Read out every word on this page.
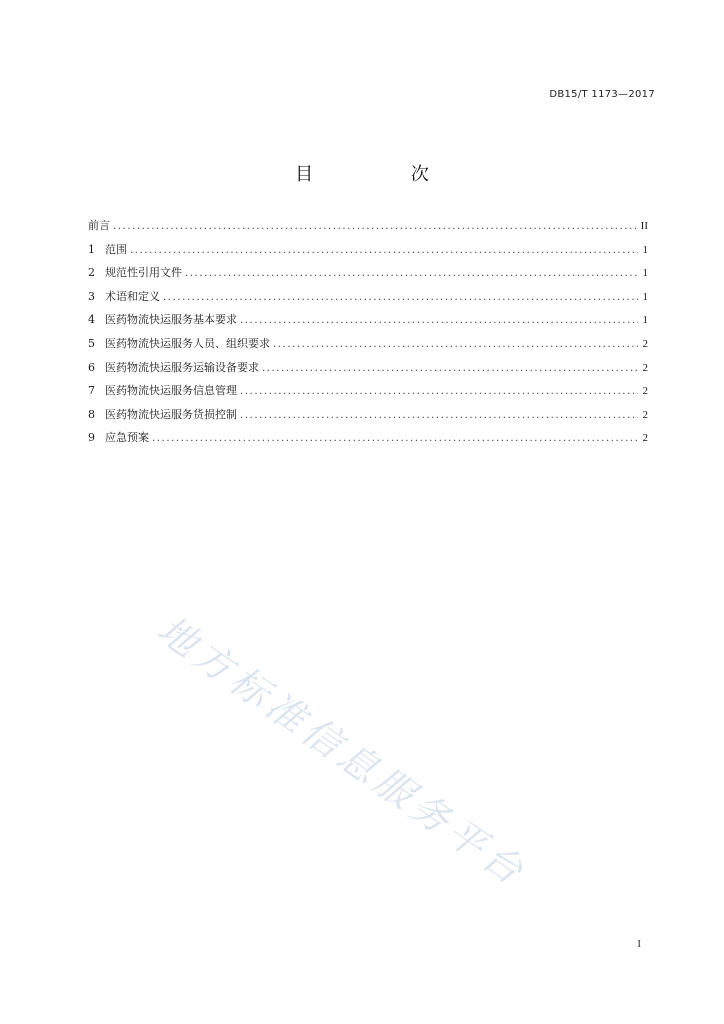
DB15/T 1173—2017
目 次
前言 .....	II
1 范围 .....	1
2 规范性引用文件 .....	1
3 术语和定义 .....	1
4 医药物流快运服务基本要求 .....	1
5 医药物流快运服务人员、组织要求 .....	2
6 医药物流快运服务运输设备要求 .....	2
7 医药物流快运服务信息管理 .....	2
8 医药物流快运服务货损控制 .....	2
9 应急预案 .....	2
地方标准信息服务平台
I
